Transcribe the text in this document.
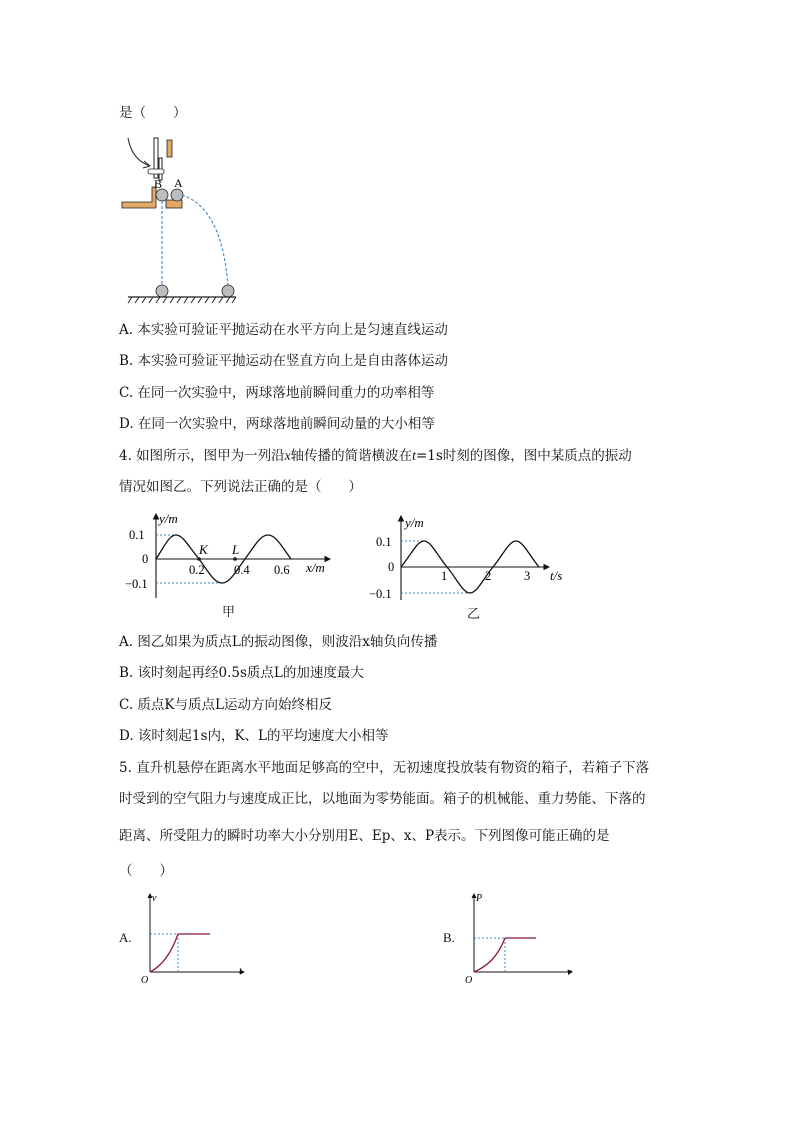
是（　　）
B A
A. 本实验可验证平抛运动在水平方向上是匀速直线运动
B. 本实验可验证平抛运动在竖直方向上是自由落体运动
C. 在同一次实验中，两球落地前瞬间重力的功率相等
D. 在同一次实验中，两球落地前瞬间动量的大小相等
4. 如图所示，图甲为一列沿x轴传播的简谐横波在t=1s时刻的图像，图中某质点的振动
情况如图乙。下列说法正确的是（　　）
y/m
0.1
0
−0.1
K L
0.2 0.4 0.6 x/m
甲
y/m
0.1
0
−0.1
1	2	3 t/s
乙
A. 图乙如果为质点L的振动图像，则波沿x轴负向传播
B. 该时刻起再经0.5s质点L的加速度最大
C. 质点K与质点L运动方向始终相反
D. 该时刻起1s内，K、L的平均速度大小相等
5. 直升机悬停在距离水平地面足够高的空中，无初速度投放装有物资的箱子，若箱子下落
时受到的空气阻力与速度成正比，以地面为零势能面。箱子的机械能、重力势能、下落的
距离、所受阻力的瞬时功率大小分别用E、Ep、x、P表示。下列图像可能正确的是
（　　）
A.
v
t
O
B.
P
v
O
